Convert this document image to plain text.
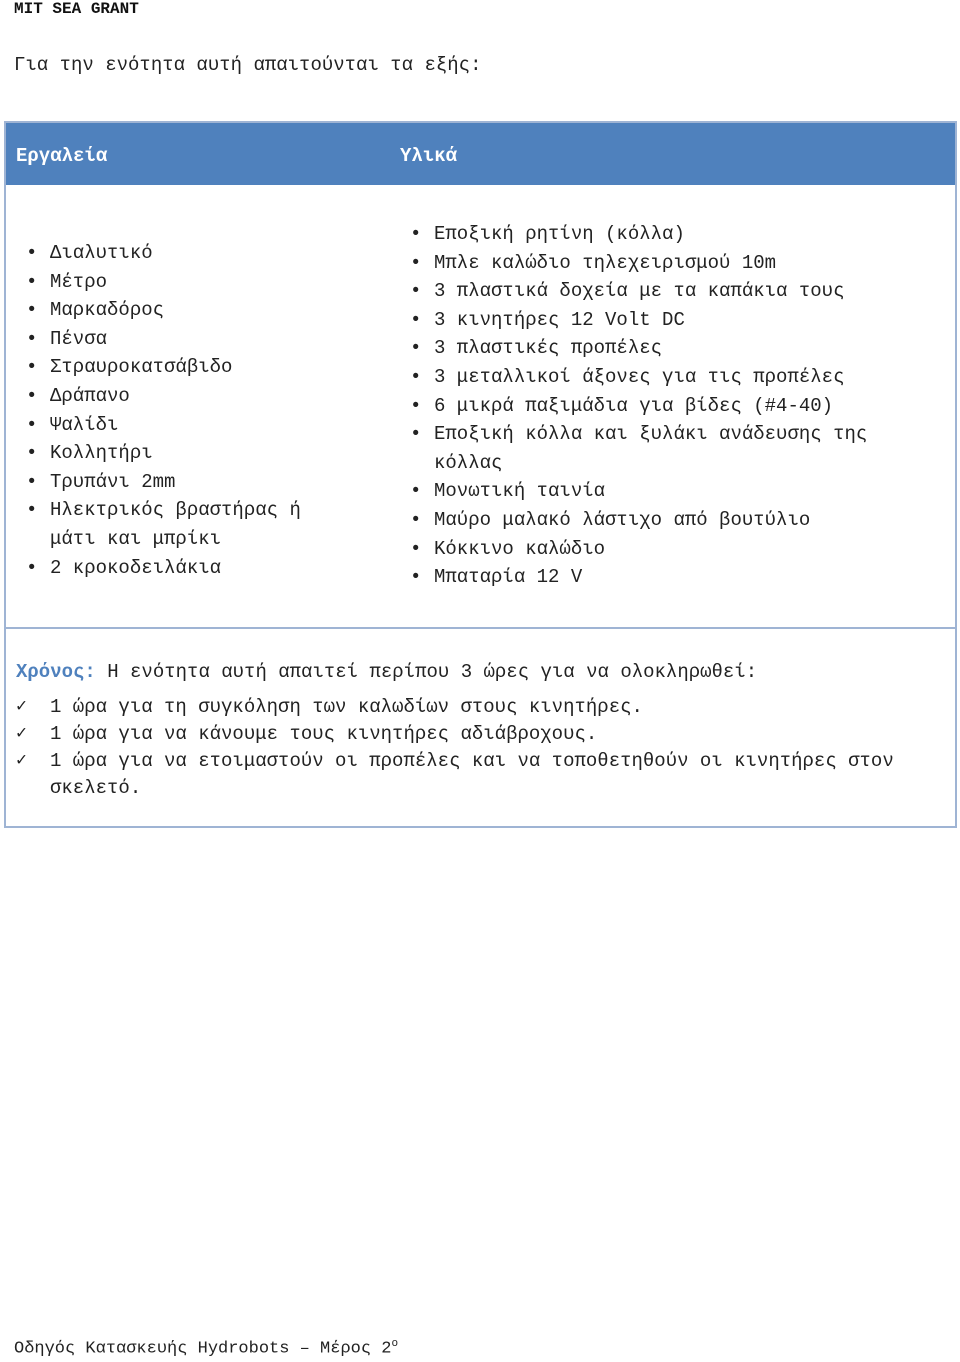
MIT SEA GRANT
Για την ενότητα αυτή απαιτούνται τα εξής:
Εργαλεία	Υλικά
• Διαλυτικό
• Μέτρο
• Μαρκαδόρος
• Πένσα
• Στραυροκατσάβιδο
• Δράπανο
• Ψαλίδι
• Κολλητήρι
• Τρυπάνι 2mm
• Ηλεκτρικός βραστήρας ή μάτι και μπρίκι
• 2 κροκοδειλάκια
• Εποξική ρητίνη (κόλλα)
• Μπλε καλώδιο τηλεχειρισμού 10m
• 3 πλαστικά δοχεία με τα καπάκια τους
• 3 κινητήρες 12 Volt DC
• 3 πλαστικές προπέλες
• 3 μεταλλικοί άξονες για τις προπέλες
• 6 μικρά παξιμάδια για βίδες (#4-40)
• Εποξική κόλλα και ξυλάκι ανάδευσης της κόλλας
• Μονωτική ταινία
• Μαύρο μαλακό λάστιχο από βουτύλιο
• Κόκκινο καλώδιο
• Μπαταρία 12 V
Χρόνος: Η ενότητα αυτή απαιτεί περίπου 3 ώρες για να ολοκληρωθεί:
✓ 1 ώρα για τη συγκόληση των καλωδίων στους κινητήρες.
✓ 1 ώρα για να κάνουμε τους κινητήρες αδιάβροχους.
✓ 1 ώρα για να ετοιμαστούν οι προπέλες και να τοποθετηθούν οι κινητήρες στον σκελετό.
Οδηγός Κατασκευής Hydrobots – Μέρος $2^o$
